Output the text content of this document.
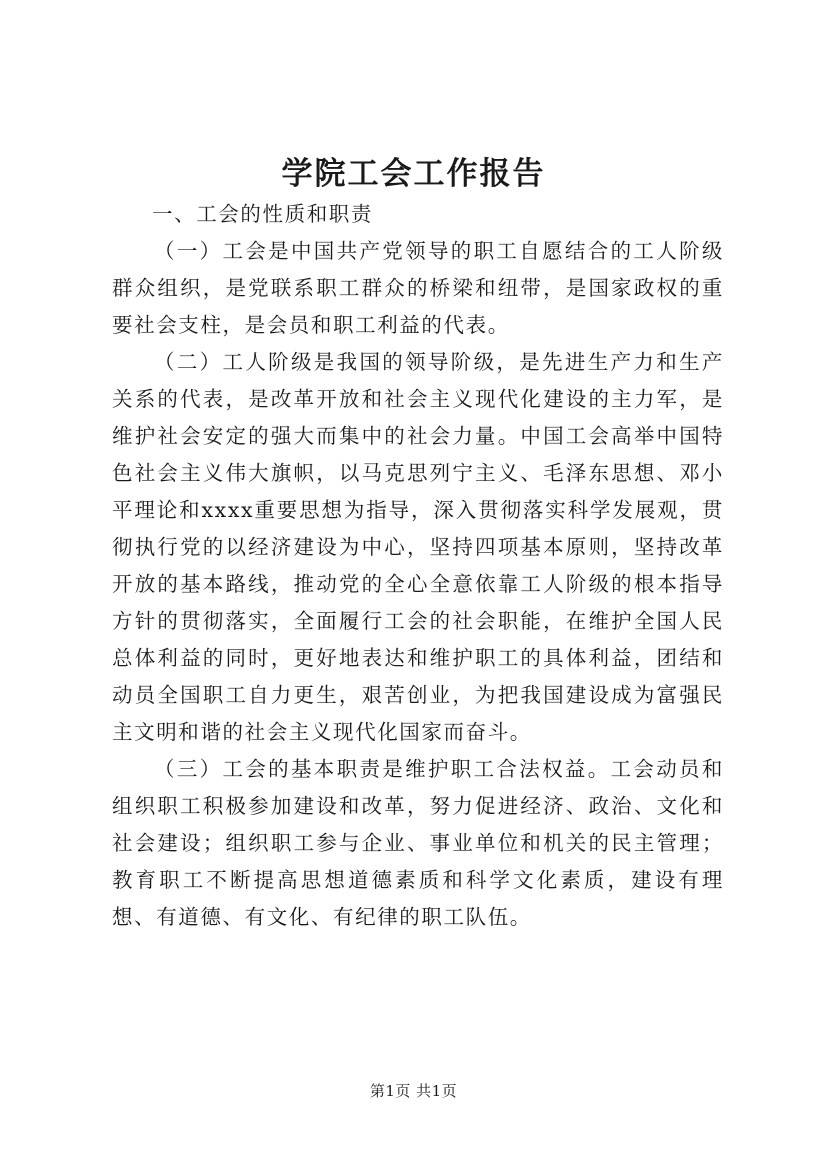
学院工会工作报告

一、工会的性质和职责

（一）工会是中国共产党领导的职工自愿结合的工人阶级群众组织，是党联系职工群众的桥梁和纽带，是国家政权的重要社会支柱，是会员和职工利益的代表。

（二）工人阶级是我国的领导阶级，是先进生产力和生产关系的代表，是改革开放和社会主义现代化建设的主力军，是维护社会安定的强大而集中的社会力量。中国工会高举中国特色社会主义伟大旗帜，以马克思列宁主义、毛泽东思想、邓小平理论和xxxx重要思想为指导，深入贯彻落实科学发展观，贯彻执行党的以经济建设为中心，坚持四项基本原则，坚持改革开放的基本路线，推动党的全心全意依靠工人阶级的根本指导方针的贯彻落实，全面履行工会的社会职能，在维护全国人民总体利益的同时，更好地表达和维护职工的具体利益，团结和动员全国职工自力更生，艰苦创业，为把我国建设成为富强民主文明和谐的社会主义现代化国家而奋斗。

（三）工会的基本职责是维护职工合法权益。工会动员和组织职工积极参加建设和改革，努力促进经济、政治、文化和社会建设；组织职工参与企业、事业单位和机关的民主管理；教育职工不断提高思想道德素质和科学文化素质，建设有理想、有道德、有文化、有纪律的职工队伍。

第1页 共1页
